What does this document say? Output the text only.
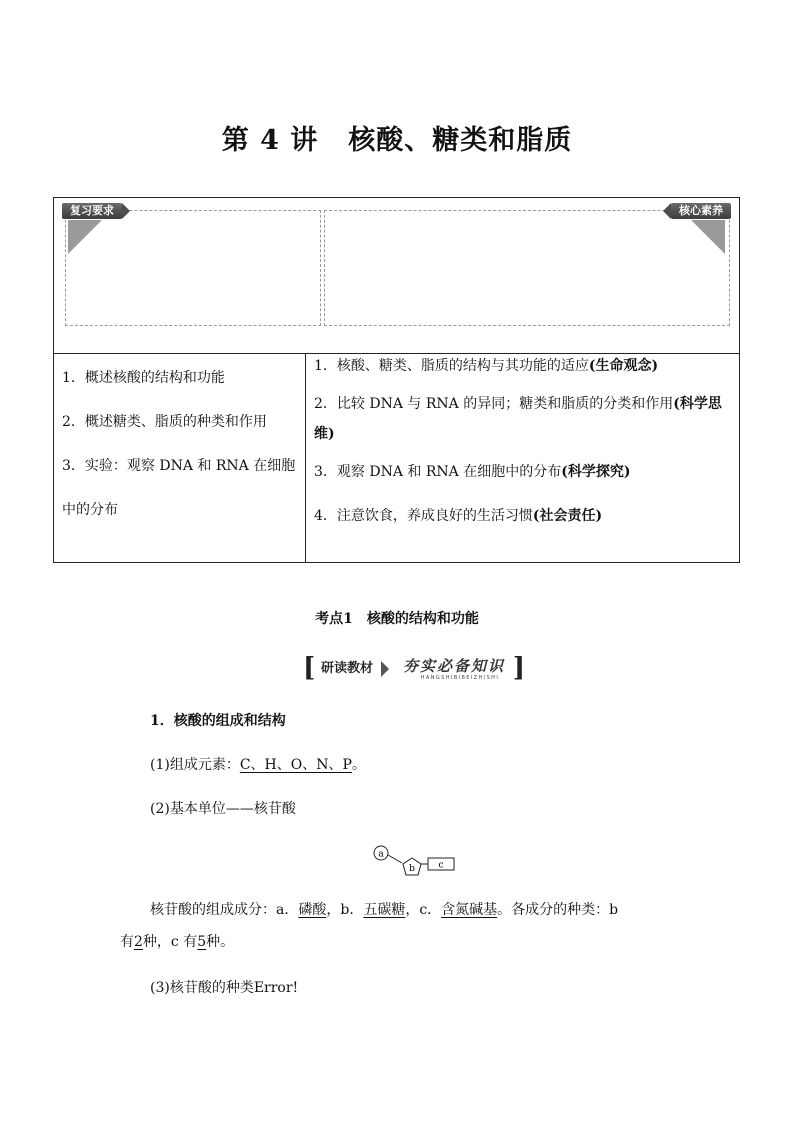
第 4 讲 核酸、糖类和脂质
复习要求	核心素养

1．概述核酸的结构和功能

2．概述糖类、脂质的种类和作用

3．实验：观察 DNA 和 RNA 在细胞中的分布

1．核酸、糖类、脂质的结构与其功能的适应(生命观念)

2．比较 DNA 与 RNA 的异同；糖类和脂质的分类和作用(科学思维)

3．观察 DNA 和 RNA 在细胞中的分布(科学探究)

4．注意饮食，养成良好的生活习惯(社会责任)

考点1 核酸的结构和功能
[ 研读教材	夯实必备知识
HANGSHIBIBEIZHISHI ]
1．核酸的组成和结构
(1)组成元素：C、H、O、N、P。
(2)基本单位——核苷酸
a
b	c
核苷酸的组成成分：a．磷酸，b．五碳糖，c．含氮碱基。各成分的种类：b
有2种，c 有5种。
(3)核苷酸的种类Error!
